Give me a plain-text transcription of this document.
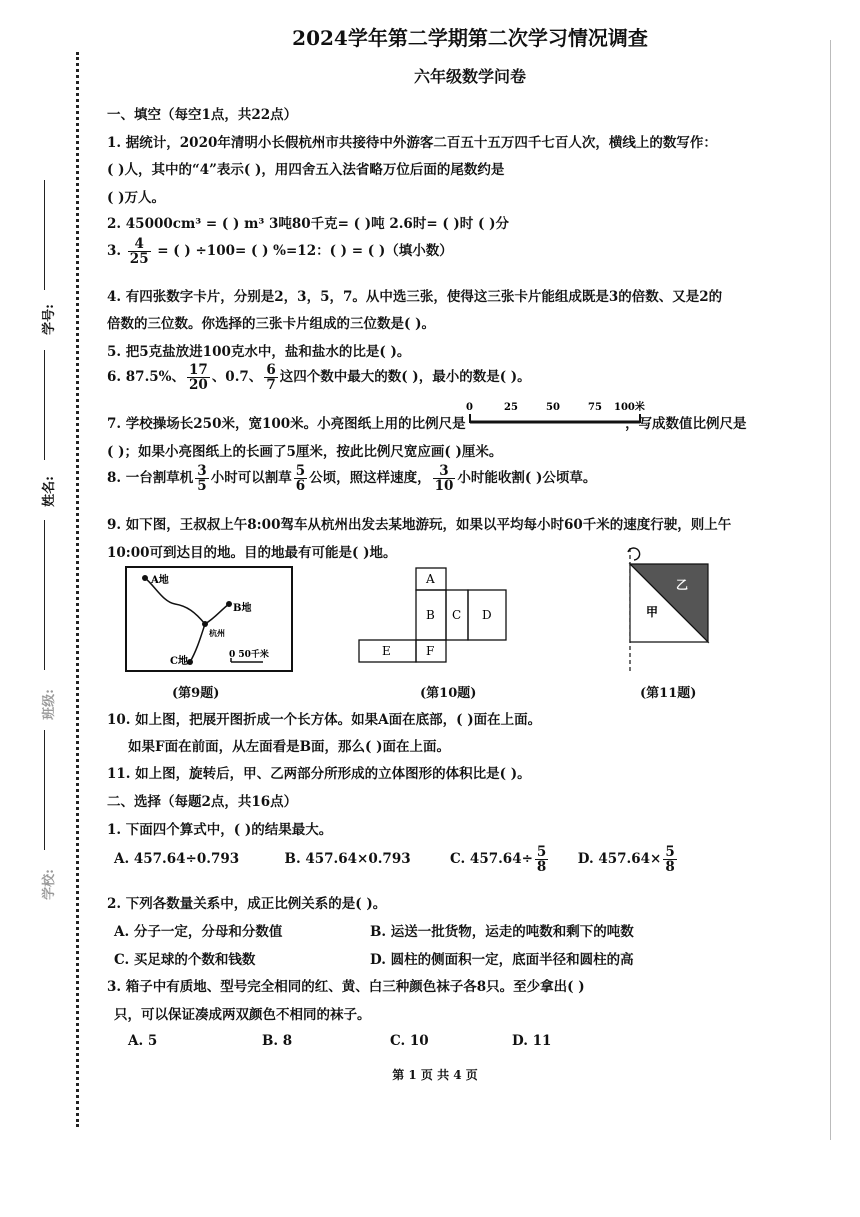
学号:
姓名:
班级:
学校:
2024学年第二学期第二次学习情况调查
六年级数学问卷
一、填空（每空1点，共22点）
1. 据统计，2020年清明小长假杭州市共接待中外游客二百五十五万四千七百人次，横线上的数写作：
( )人，其中的“4”表示( )，用四舍五入法省略万位后面的尾数约是
( )万人。
2. 45000cm³ = ( ) m³ 3吨80千克= ( )吨 2.6时= ( )时 ( )分
3. $\frac{4}{25}$ = ( ) ÷100= ( ) %=12：( ) = ( )（填小数）
4. 有四张数字卡片，分别是2，3，5，7。从中选三张，使得这三张卡片能组成既是3的倍数、又是2的
倍数的三位数。你选择的三张卡片组成的三位数是( )。
5. 把5克盐放进100克水中，盐和盐水的比是( )。
6. 87.5%、 $\frac{17}{20}$ 、0.7、 $\frac{6}{7}$ 这四个数中最大的数( )，最小的数是( )。
7. 学校操场长250米，宽100米。小亮图纸上用的比例尺是	，写成数值比例尺是
0	25	50	75 100米
( )；如果小亮图纸上的长画了5厘米，按此比例尺宽应画( )厘米。
8. 一台割草机 $\frac{3}{5}$ 小时可以割草 $\frac{5}{6}$ 公顷，照这样速度， $\frac{3}{10}$ 小时能收割( )公顷草。
9. 如下图，王叔叔上午8:00驾车从杭州出发去某地游玩，如果以平均每小时60千米的速度行驶，则上午
10:00可到达目的地。目的地最有可能是( )地。
A地
B地
杭州
C地
0 50千米
A
B C D
E	F
乙
甲
(第9题)	(第10题)	(第11题)
10. 如上图，把展开图折成一个长方体。如果A面在底部，( )面在上面。
如果F面在前面，从左面看是B面，那么( )面在上面。
11. 如上图，旋转后，甲、乙两部分所形成的立体图形的体积比是( )。
二、选择（每题2点，共16点）
1. 下面四个算式中，( )的结果最大。
A. 457.64÷0.793	B. 457.64×0.793	C. $457.64\div \frac{5}{8} D$. $457.64\times \frac{5}{8}$
2. 下列各数量关系中，成正比例关系的是( )。
A. 分子一定，分母和分数值	B. 运送一批货物，运走的吨数和剩下的吨数
C. 买足球的个数和钱数	D. 圆柱的侧面积一定，底面半径和圆柱的高
3. 箱子中有质地、型号完全相同的红、黄、白三种颜色袜子各8只。至少拿出( )
只，可以保证凑成两双颜色不相同的袜子。
A. 5	B. 8	C. 10	D. 11
第 1 页 共 4 页
